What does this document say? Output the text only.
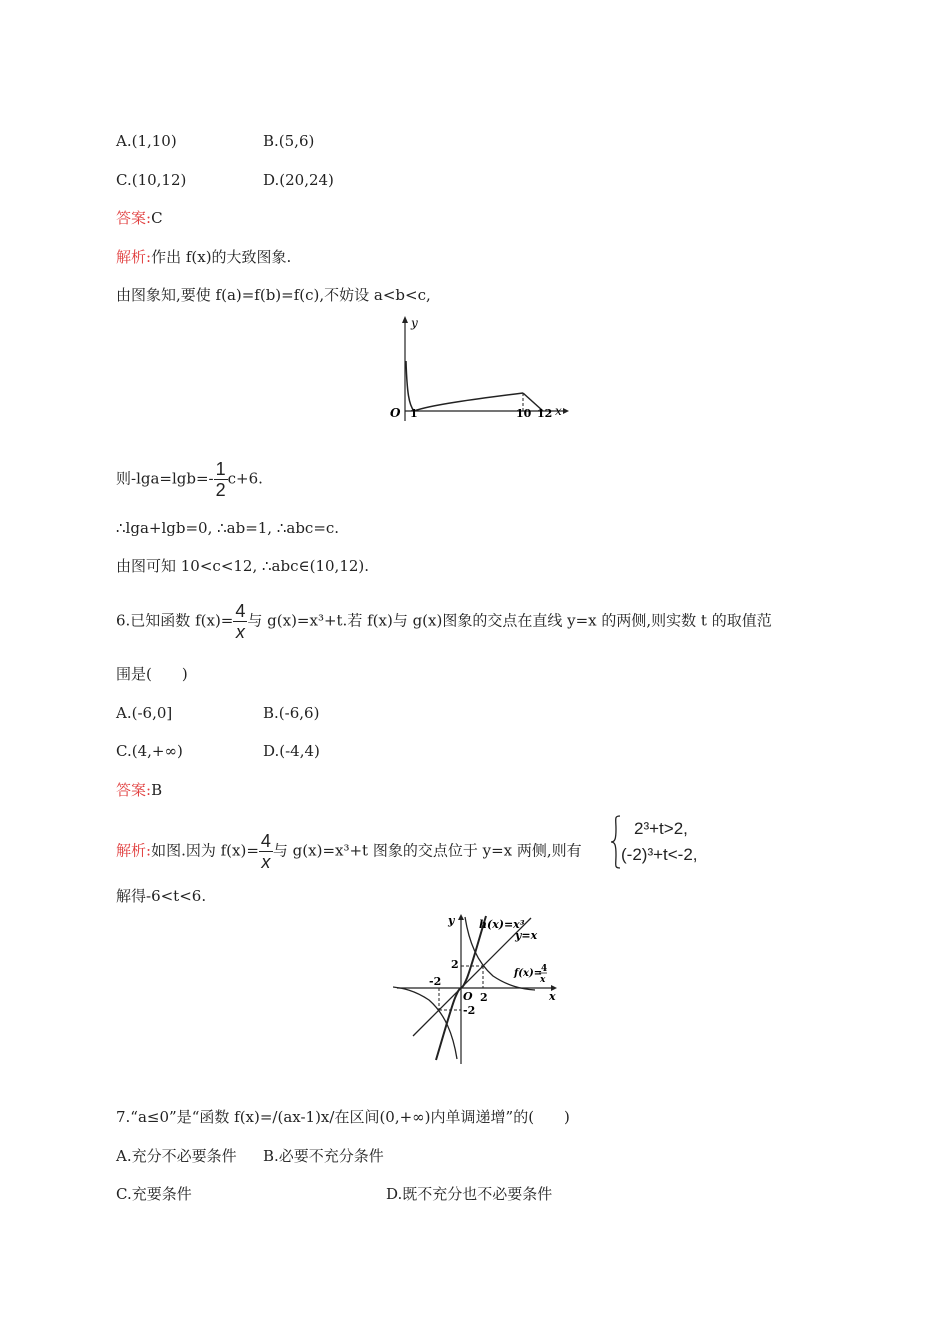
A.(1,10)	B.(5,6)
C.(10,12)	D.(20,24)
答案:C
解析:作出 f(x)的大致图象.
由图象知,要使 f(a)=f(b)=f(c),不妨设 a<b<c,
y
O 1	10 12 x
则$-\lg a=\lg b=- \frac{1}{2} c+6$.
∴lga+lgb=0, ∴ab=1, ∴abc=c.
由图可知 10<c<12, ∴abc∈(10,12).
6.已知函数 $f(x)= \frac{4}{x}$ 与 g(x)=x³+t.若 f(x)与 g(x)图象的交点在直线 y=x 的两侧,则实数 t 的取值范
围是(　　)
A.(-6,0]	B.(-6,6)
C.(4,+∞)	D.(-4,4)
答案:B
解析:如图.因为 $f(x)= \frac{4}{x}$ 与 g(x)=x³+t 图象的交点位于 y=x 两侧,则有
2³+t>2,
(-2)³+t<-2,
解得-6<t<6.
y h(x)=x³
y=x
f(x)=
4
x
2
-2
2
-2
O	x
7.“a≤0”是“函数 f(x)=/(ax-1)x/在区间(0,+∞)内单调递增”的(　　)
A.充分不必要条件 B.必要不充分条件
C.充要条件	D.既不充分也不必要条件
